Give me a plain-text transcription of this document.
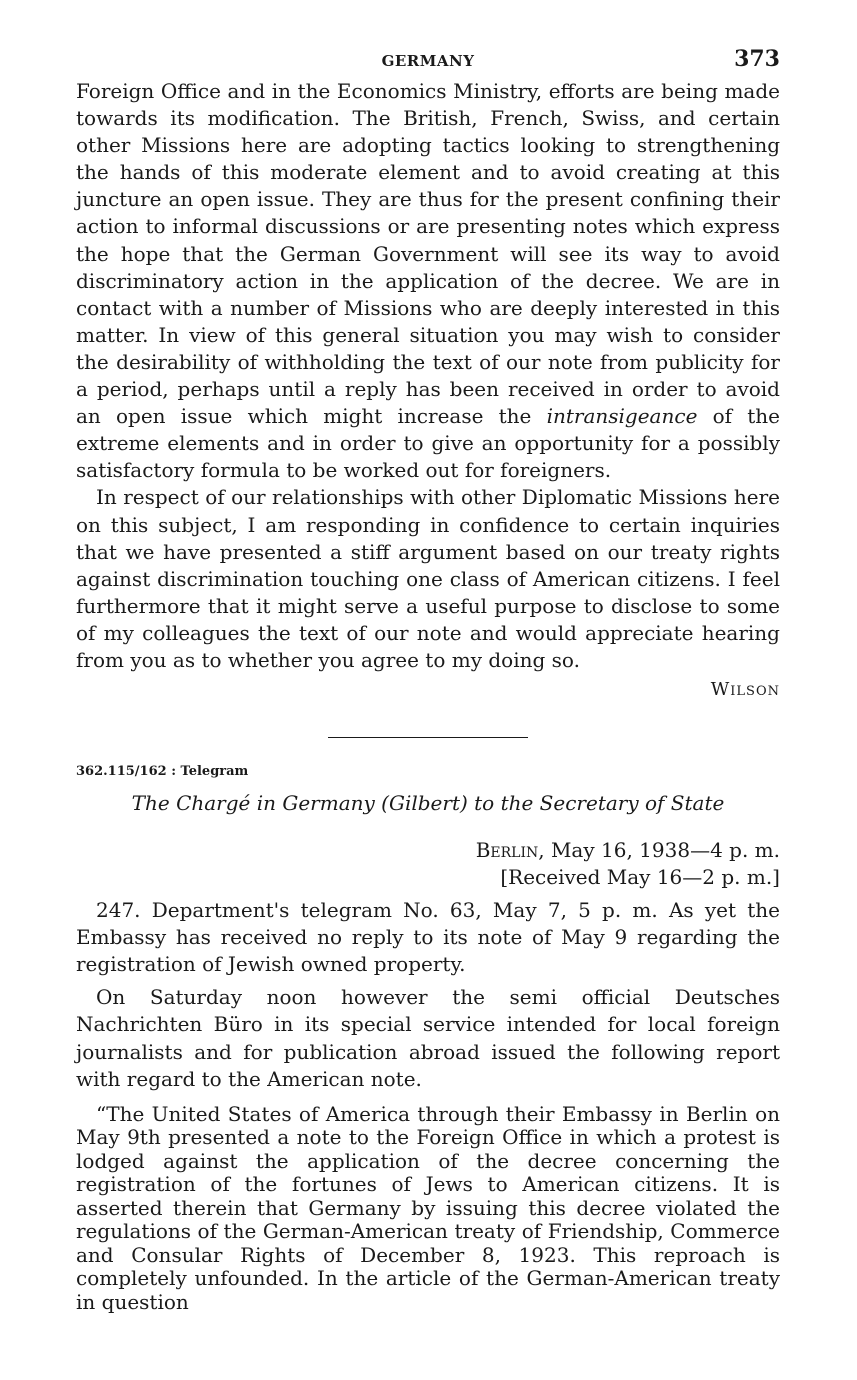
GERMANY	373

Foreign Office and in the Economics Ministry, efforts are being made towards its modification. The British, French, Swiss, and certain other Missions here are adopting tactics looking to strengthening the hands of this moderate element and to avoid creating at this juncture an open issue. They are thus for the present confining their action to informal discussions or are presenting notes which express the hope that the German Government will see its way to avoid discriminatory action in the application of the decree. We are in contact with a number of Missions who are deeply interested in this matter. In view of this general situation you may wish to consider the desirability of withholding the text of our note from publicity for a period, perhaps until a reply has been received in order to avoid an open issue which might increase the intransigeance of the extreme elements and in order to give an opportunity for a possibly satisfactory formula to be worked out for foreigners.

In respect of our relationships with other Diplomatic Missions here on this subject, I am responding in confidence to certain inquiries that we have presented a stiff argument based on our treaty rights against discrimination touching one class of American citizens. I feel furthermore that it might serve a useful purpose to disclose to some of my colleagues the text of our note and would appreciate hearing from you as to whether you agree to my doing so.

Wilson
362.115/162 : Telegram
The Chargé in Germany (Gilbert) to the Secretary of State
Berlin, May 16, 1938—4 p. m.
[Received May 16—2 p. m.]

247. Department's telegram No. 63, May 7, 5 p. m. As yet the Embassy has received no reply to its note of May 9 regarding the registration of Jewish owned property.

On Saturday noon however the semi official Deutsches Nachrichten Büro in its special service intended for local foreign journalists and for publication abroad issued the following report with regard to the American note.

“The United States of America through their Embassy in Berlin on May 9th presented a note to the Foreign Office in which a protest is lodged against the application of the decree concerning the registration of the fortunes of Jews to American citizens. It is asserted therein that Germany by issuing this decree violated the regulations of the German-American treaty of Friendship, Commerce and Consular Rights of December 8, 1923. This reproach is completely unfounded. In the article of the German-American treaty in question
